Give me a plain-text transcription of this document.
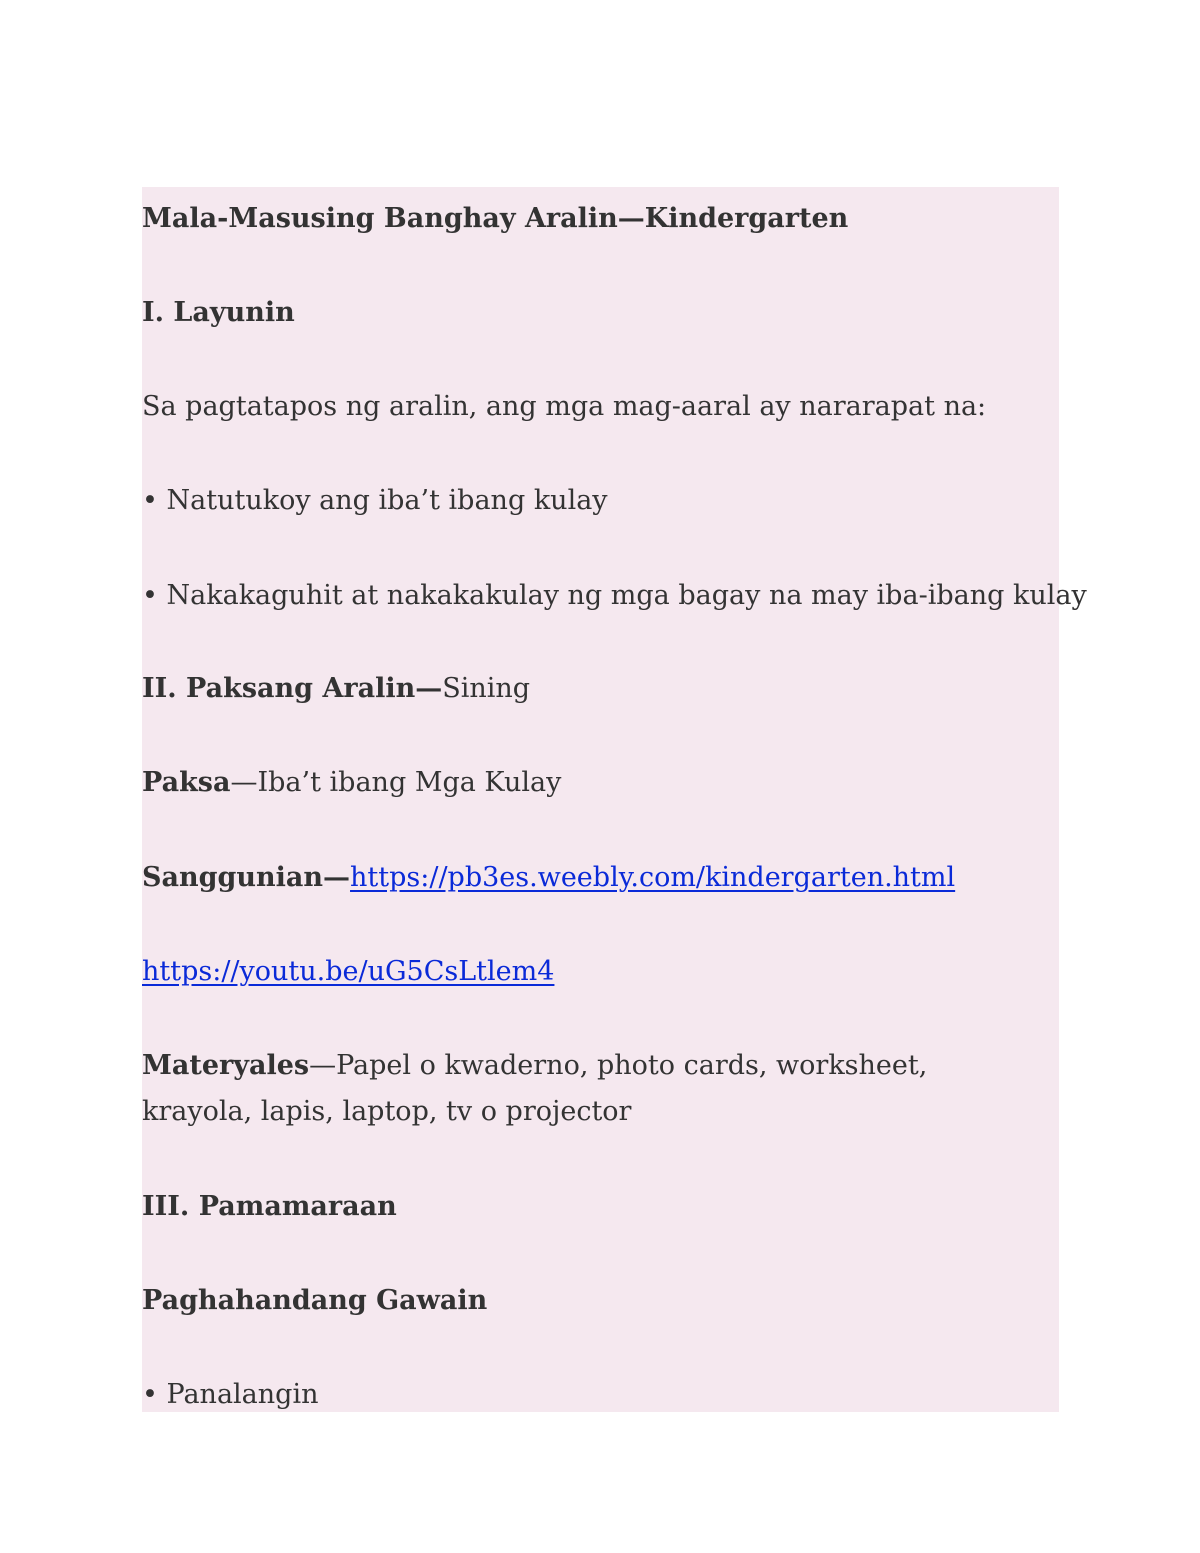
Mala-Masusing Banghay Aralin—Kindergarten
I. Layunin
Sa pagtatapos ng aralin, ang mga mag-aaral ay nararapat na:
• Natutukoy ang iba’t ibang kulay
• Nakakaguhit at nakakakulay ng mga bagay na may iba-ibang kulay
II. Paksang Aralin—Sining
Paksa—Iba’t ibang Mga Kulay
Sanggunian—https://pb3es.weebly.com/kindergarten.html
https://youtu.be/uG5CsLtlem4
Materyales—Papel o kwaderno, photo cards, worksheet, krayola, lapis, laptop, tv o projector
III. Pamamaraan
Paghahandang Gawain
• Panalangin
